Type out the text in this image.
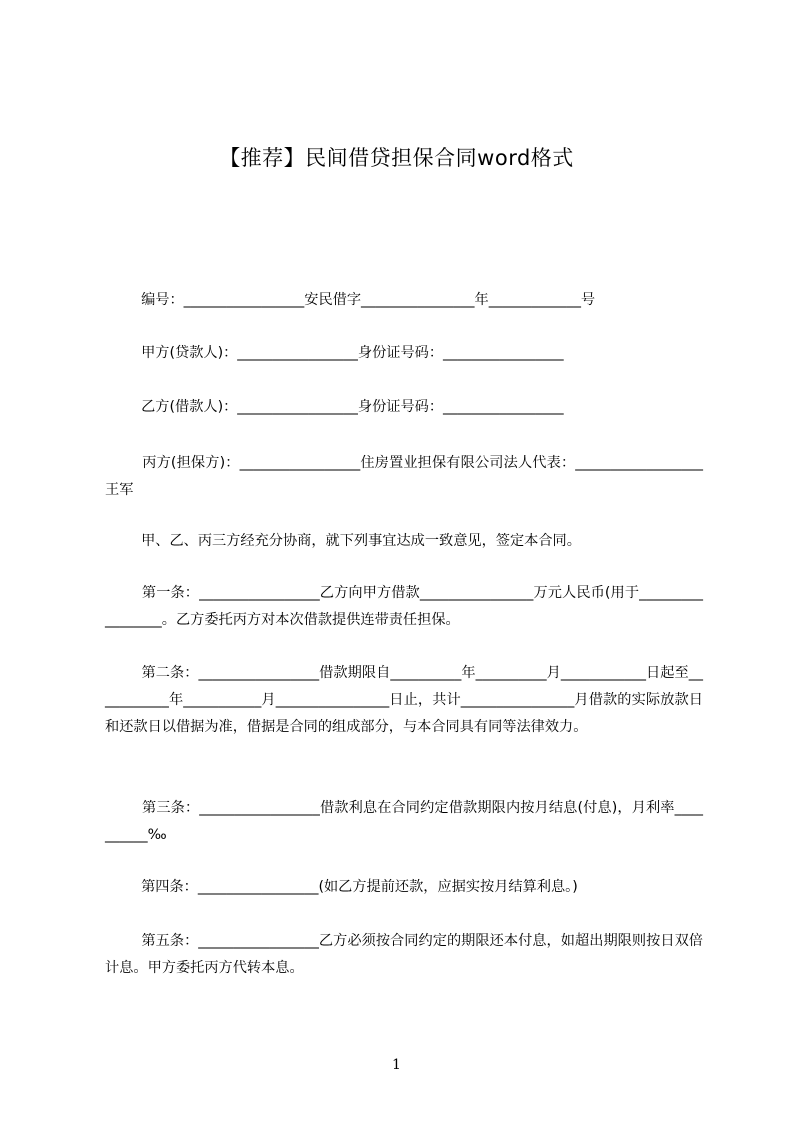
【推荐】民间借贷担保合同word格式

编号：_________________安民借字________________年_____________号

甲方(贷款人)：_________________身份证号码：_________________

乙方(借款人)：_________________身份证号码：_________________

丙方(担保方)：_________________住房置业担保有限公司法人代表：__________________王军

甲、乙、丙三方经充分协商，就下列事宜达成一致意见，签定本合同。

第一条：_________________乙方向甲方借款________________万元人民币(用于_________________。乙方委托丙方对本次借款提供连带责任担保。

第二条：_________________借款期限自__________年__________月____________日起至___________年___________月________________日止，共计________________月借款的实际放款日和还款日以借据为准，借据是合同的组成部分，与本合同具有同等法律效力。

第三条：_________________借款利息在合同约定借款期限内按月结息(付息)，月利率__________‰

第四条：_________________(如乙方提前还款，应据实按月结算利息。)

第五条：_________________乙方必须按合同约定的期限还本付息，如超出期限则按日双倍计息。甲方委托丙方代转本息。

1
